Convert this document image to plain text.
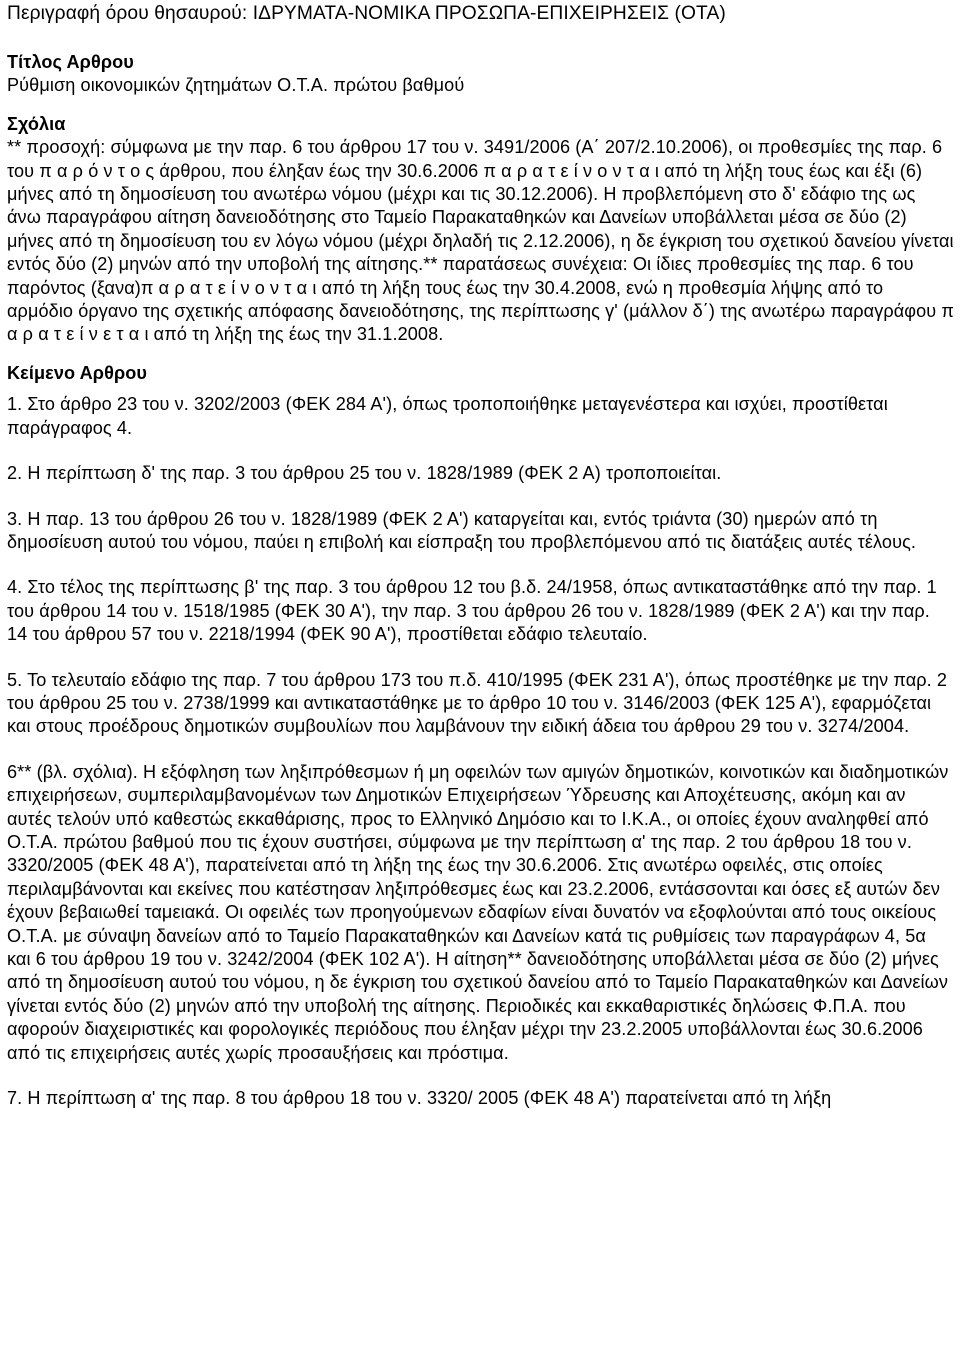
Περιγραφή όρου θησαυρού: ΙΔΡΥΜΑΤΑ-ΝΟΜΙΚΑ ΠΡΟΣΩΠΑ-ΕΠΙΧΕΙΡΗΣΕΙΣ (ΟΤΑ)
Τίτλος Αρθρου
Ρύθμιση οικονομικών ζητημάτων Ο.Τ.Α. πρώτου βαθμού
Σχόλια
** προσοχή: σύμφωνα με την παρ. 6 του άρθρου 17 του ν. 3491/2006 (Α΄ 207/2.10.2006), οι προθεσμίες της παρ. 6 του π α ρ ό ν τ ο ς άρθρου, που έληξαν έως την 30.6.2006 π α ρ α τ ε ί ν ο ν τ α ι από τη λήξη τους έως και έξι (6) μήνες από τη δημοσίευση του ανωτέρω νόμου (μέχρι και τις 30.12.2006). Η προβλεπόμενη στο δ' εδάφιο της ως άνω παραγράφου αίτηση δανειοδότησης στο Ταμείο Παρακαταθηκών και Δανείων υποβάλλεται μέσα σε δύο (2) μήνες από τη δημοσίευση του εν λόγω νόμου (μέχρι δηλαδή τις 2.12.2006), η δε έγκριση του σχετικού δανείου γίνεται εντός δύο (2) μηνών από την υποβολή της αίτησης.** παρατάσεως συνέχεια: Οι ίδιες προθεσμίες της παρ. 6 του παρόντος (ξανα)π α ρ α τ ε ί ν ο ν τ α ι από τη λήξη τους έως την 30.4.2008, ενώ η προθεσμία λήψης από το αρμόδιο όργανο της σχετικής απόφασης δανειοδότησης, της περίπτωσης γ' (μάλλον δ΄) της ανωτέρω παραγράφου π α ρ α τ ε ί ν ε τ α ι από τη λήξη της έως την 31.1.2008.
Κείμενο Αρθρου
1. Στο άρθρο 23 του ν. 3202/2003 (ΦΕΚ 284 Α'), όπως τροποποιήθηκε μεταγενέστερα και ισχύει, προστίθεται παράγραφος 4.
2. Η περίπτωση δ' της παρ. 3 του άρθρου 25 του ν. 1828/1989 (ΦΕΚ 2 Α) τροποποιείται.
3. Η παρ. 13 του άρθρου 26 του ν. 1828/1989 (ΦΕΚ 2 Α') καταργείται και, εντός τριάντα (30) ημερών από τη δημοσίευση αυτού του νόμου, παύει η επιβολή και είσπραξη του προβλεπόμενου από τις διατάξεις αυτές τέλους.
4. Στο τέλος της περίπτωσης β' της παρ. 3 του άρθρου 12 του β.δ. 24/1958, όπως αντικαταστάθηκε από την παρ. 1 του άρθρου 14 του ν. 1518/1985 (ΦΕΚ 30 Α'), την παρ. 3 του άρθρου 26 του ν. 1828/1989 (ΦΕΚ 2 Α') και την παρ. 14 του άρθρου 57 του ν. 2218/1994 (ΦΕΚ 90 Α'), προστίθεται εδάφιο τελευταίο.
5. Το τελευταίο εδάφιο της παρ. 7 του άρθρου 173 του π.δ. 410/1995 (ΦΕΚ 231 Α'), όπως προστέθηκε με την παρ. 2 του άρθρου 25 του ν. 2738/1999 και αντικαταστάθηκε με το άρθρο 10 του ν. 3146/2003 (ΦΕΚ 125 Α'), εφαρμόζεται και στους προέδρους δημοτικών συμβουλίων που λαμβάνουν την ειδική άδεια του άρθρου 29 του ν. 3274/2004.
6** (βλ. σχόλια). Η εξόφληση των ληξιπρόθεσμων ή μη οφειλών των αμιγών δημοτικών, κοινοτικών και διαδημοτικών επιχειρήσεων, συμπεριλαμβανομένων των Δημοτικών Επιχειρήσεων Ύδρευσης και Αποχέτευσης, ακόμη και αν αυτές τελούν υπό καθεστώς εκκαθάρισης, προς το Ελληνικό Δημόσιο και το Ι.Κ.Α., οι οποίες έχουν αναληφθεί από Ο.Τ.Α. πρώτου βαθμού που τις έχουν συστήσει, σύμφωνα με την περίπτωση α' της παρ. 2 του άρθρου 18 του ν. 3320/2005 (ΦΕΚ 48 Α'), παρατείνεται από τη λήξη της έως την 30.6.2006. Στις ανωτέρω οφειλές, στις οποίες περιλαμβάνονται και εκείνες που κατέστησαν ληξιπρόθεσμες έως και 23.2.2006, εντάσσονται και όσες εξ αυτών δεν έχουν βεβαιωθεί ταμειακά. Οι οφειλές των προηγούμενων εδαφίων είναι δυνατόν να εξοφλούνται από τους οικείους Ο.Τ.Α. με σύναψη δανείων από το Ταμείο Παρακαταθηκών και Δανείων κατά τις ρυθμίσεις των παραγράφων 4, 5α και 6 του άρθρου 19 του ν. 3242/2004 (ΦΕΚ 102 Α'). Η αίτηση** δανειοδότησης υποβάλλεται μέσα σε δύο (2) μήνες από τη δημοσίευση αυτού του νόμου, η δε έγκριση του σχετικού δανείου από το Ταμείο Παρακαταθηκών και Δανείων γίνεται εντός δύο (2) μηνών από την υποβολή της αίτησης. Περιοδικές και εκκαθαριστικές δηλώσεις Φ.Π.Α. που αφορούν διαχειριστικές και φορολογικές περιόδους που έληξαν μέχρι την 23.2.2005 υποβάλλονται έως 30.6.2006 από τις επιχειρήσεις αυτές χωρίς προσαυξήσεις και πρόστιμα.
7. Η περίπτωση α' της παρ. 8 του άρθρου 18 του ν. 3320/ 2005 (ΦΕΚ 48 Α') παρατείνεται από τη λήξη
